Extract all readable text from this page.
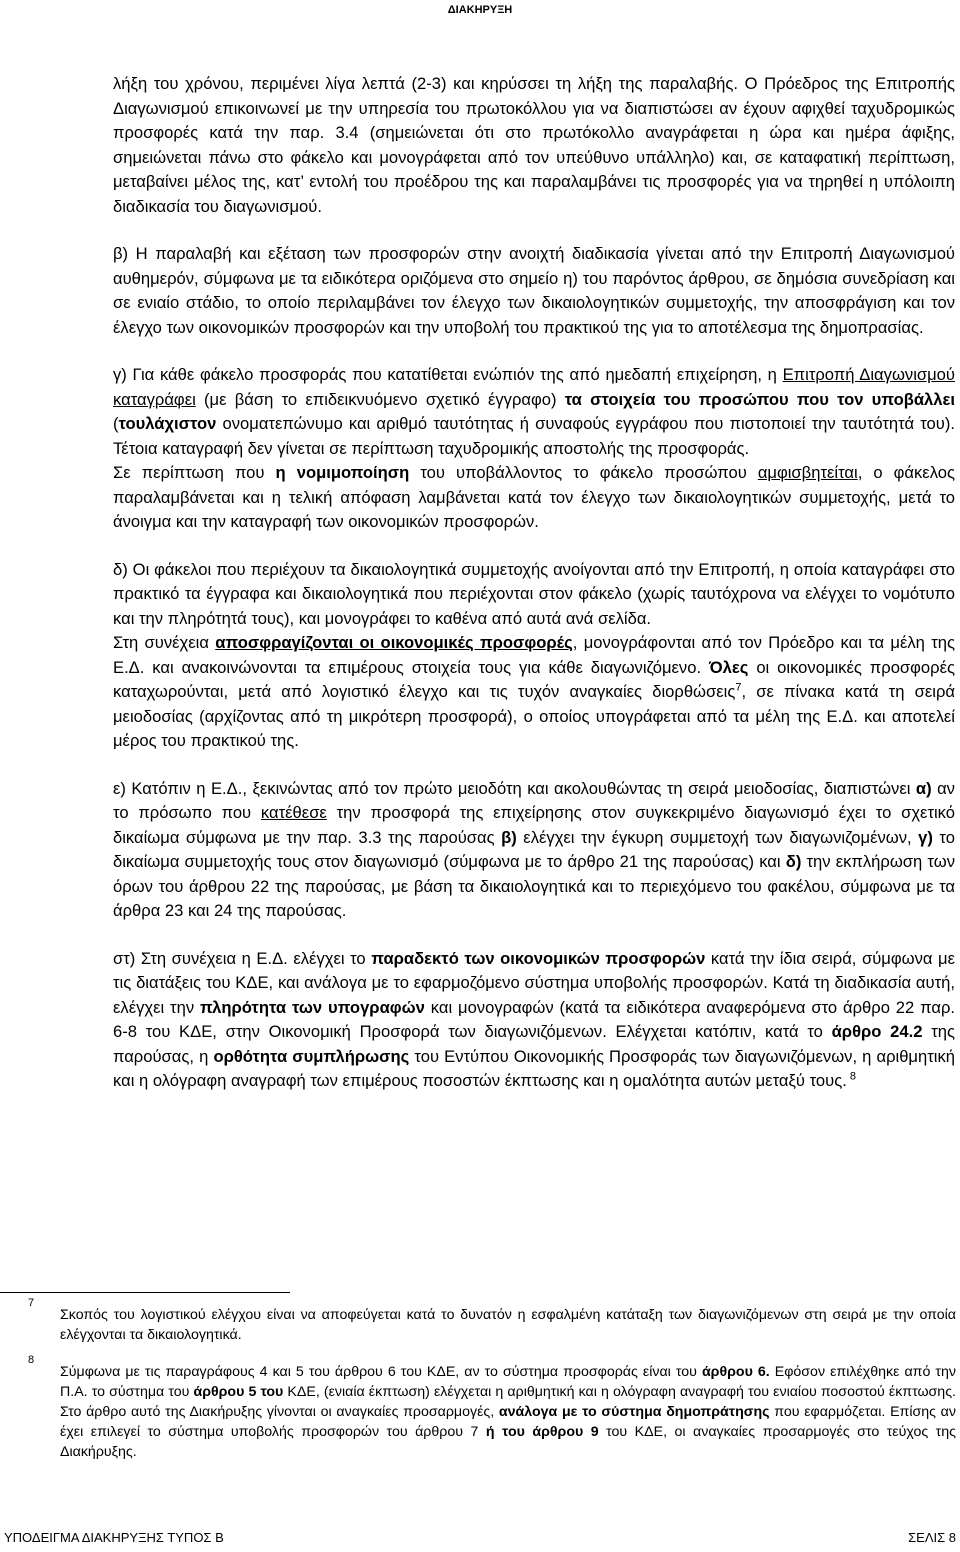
ΔΙΑΚΗΡΥΞΗ

λήξη του χρόνου, περιμένει λίγα λεπτά (2-3) και κηρύσσει τη λήξη της παραλαβής. Ο Πρόεδρος της Επιτροπής Διαγωνισμού επικοινωνεί με την υπηρεσία του πρωτοκόλλου για να διαπιστώσει αν έχουν αφιχθεί ταχυδρομικώς προσφορές κατά την παρ. 3.4 (σημειώνεται ότι στο πρωτόκολλο αναγράφεται η ώρα και ημέρα άφιξης, σημειώνεται πάνω στο φάκελο και μονογράφεται από τον υπεύθυνο υπάλληλο) και, σε καταφατική περίπτωση, μεταβαίνει μέλος της, κατ’ εντολή του προέδρου της και παραλαμβάνει τις προσφορές για να τηρηθεί η υπόλοιπη διαδικασία του διαγωνισμού.

β) Η παραλαβή και εξέταση των προσφορών στην ανοιχτή διαδικασία γίνεται από την Επιτροπή Διαγωνισμού αυθημερόν, σύμφωνα με τα ειδικότερα οριζόμενα στο σημείο η) του παρόντος άρθρου, σε δημόσια συνεδρίαση και σε ενιαίο στάδιο, το οποίο περιλαμβάνει τον έλεγχο των δικαιολογητικών συμμετοχής, την αποσφράγιση και τον έλεγχο των οικονομικών προσφορών και την υποβολή του πρακτικού της για το αποτέλεσμα της δημοπρασίας.

γ) Για κάθε φάκελο προσφοράς που κατατίθεται ενώπιόν της από ημεδαπή επιχείρηση, η Επιτροπή Διαγωνισμού καταγράφει (με βάση το επιδεικνυόμενο σχετικό έγγραφο) τα στοιχεία του προσώπου που τον υποβάλλει (τουλάχιστον ονοματεπώνυμο και αριθμό ταυτότητας ή συναφούς εγγράφου που πιστοποιεί την ταυτότητά του). Τέτοια καταγραφή δεν γίνεται σε περίπτωση ταχυδρομικής αποστολής της προσφοράς.

Σε περίπτωση που η νομιμοποίηση του υποβάλλοντος το φάκελο προσώπου αμφισβητείται, ο φάκελος παραλαμβάνεται και η τελική απόφαση λαμβάνεται κατά τον έλεγχο των δικαιολογητικών συμμετοχής, μετά το άνοιγμα και την καταγραφή των οικονομικών προσφορών.

δ) Οι φάκελοι που περιέχουν τα δικαιολογητικά συμμετοχής ανοίγονται από την Επιτροπή, η οποία καταγράφει στο πρακτικό τα έγγραφα και δικαιολογητικά που περιέχονται στον φάκελο (χωρίς ταυτόχρονα να ελέγχει το νομότυπο και την πληρότητά τους), και μονογράφει το καθένα από αυτά ανά σελίδα.

Στη συνέχεια αποσφραγίζονται οι οικονομικές προσφορές, μονογράφονται από τον Πρόεδρο και τα μέλη της Ε.Δ. και ανακοινώνονται τα επιμέρους στοιχεία τους για κάθε διαγωνιζόμενο. Όλες οι οικονομικές προσφορές καταχωρούνται, μετά από λογιστικό έλεγχο και τις τυχόν αναγκαίες διορθώσεις$^7$, σε πίνακα κατά τη σειρά μειοδοσίας (αρχίζοντας από τη μικρότερη προσφορά), ο οποίος υπογράφεται από τα μέλη της Ε.Δ. και αποτελεί μέρος του πρακτικού της.

ε) Κατόπιν η Ε.Δ., ξεκινώντας από τον πρώτο μειοδότη και ακολουθώντας τη σειρά μειοδοσίας, διαπιστώνει α) αν το πρόσωπο που κατέθεσε την προσφορά της επιχείρησης στον συγκεκριμένο διαγωνισμό έχει το σχετικό δικαίωμα σύμφωνα με την παρ. 3.3 της παρούσας β) ελέγχει την έγκυρη συμμετοχή των διαγωνιζομένων, γ) το δικαίωμα συμμετοχής τους στον διαγωνισμό (σύμφωνα με το άρθρο 21 της παρούσας) και δ) την εκπλήρωση των όρων του άρθρου 22 της παρούσας, με βάση τα δικαιολογητικά και το περιεχόμενο του φακέλου, σύμφωνα με τα άρθρα 23 και 24 της παρούσας.

στ) Στη συνέχεια η Ε.Δ. ελέγχει το παραδεκτό των οικονομικών προσφορών κατά την ίδια σειρά, σύμφωνα με τις διατάξεις του ΚΔΕ, και ανάλογα με το εφαρμοζόμενο σύστημα υποβολής προσφορών. Κατά τη διαδικασία αυτή, ελέγχει την πληρότητα των υπογραφών και μονογραφών (κατά τα ειδικότερα αναφερόμενα στο άρθρο 22 παρ. 6-8 του ΚΔΕ, στην Οικονομική Προσφορά των διαγωνιζόμενων. Ελέγχεται κατόπιν, κατά το άρθρο 24.2 της παρούσας, η ορθότητα συμπλήρωσης του Εντύπου Οικονομικής Προσφοράς των διαγωνιζόμενων, η αριθμητική και η ολόγραφη αναγραφή των επιμέρους ποσοστών έκπτωσης και η ομαλότητα αυτών μεταξύ τους. $^8$

7
Σκοπός του λογιστικού ελέγχου είναι να αποφεύγεται κατά το δυνατόν η εσφαλμένη κατάταξη των διαγωνιζόμενων στη σειρά με την οποία ελέγχονται τα δικαιολογητικά.
8
Σύμφωνα με τις παραγράφους 4 και 5 του άρθρου 6 του ΚΔΕ, αν το σύστημα προσφοράς είναι του άρθρου 6. Εφόσον επιλέχθηκε από την Π.Α. το σύστημα του άρθρου 5 του ΚΔΕ, (ενιαία έκπτωση) ελέγχεται η αριθμητική και η ολόγραφη αναγραφή του ενιαίου ποσοστού έκπτωσης. Στο άρθρο αυτό της Διακήρυξης γίνονται οι αναγκαίες προσαρμογές, ανάλογα με το σύστημα δημοπράτησης που εφαρμόζεται. Επίσης αν έχει επιλεγεί το σύστημα υποβολής προσφορών του άρθρου 7 ή του άρθρου 9 του ΚΔΕ, οι αναγκαίες προσαρμογές στο τεύχος της Διακήρυξης.
ΥΠΟΔΕΙΓΜΑ ΔΙΑΚΗΡΥΞΗΣ ΤΥΠΟΣ Β	ΣΕΛΙΣ 8
